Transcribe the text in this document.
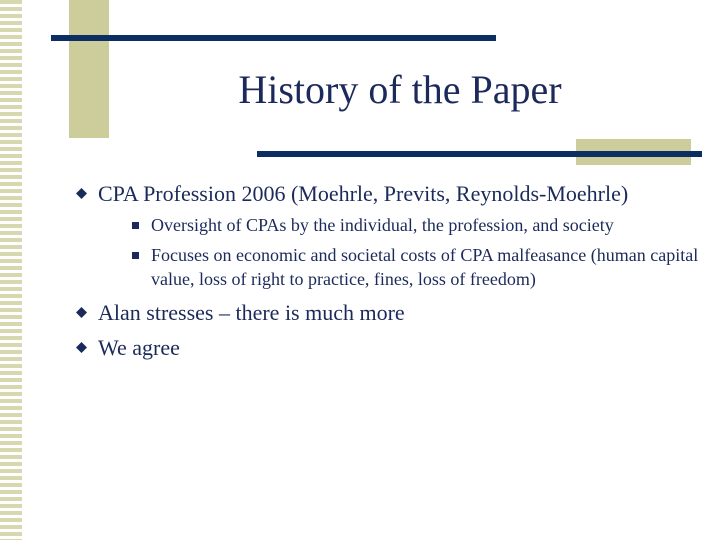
History of the Paper
CPA Profession 2006 (Moehrle, Previts, Reynolds-Moehrle)
Oversight of CPAs by the individual, the profession, and society
Focuses on economic and societal costs of CPA malfeasance (human capital value, loss of right to practice, fines, loss of freedom)
Alan stresses – there is much more
We agree
